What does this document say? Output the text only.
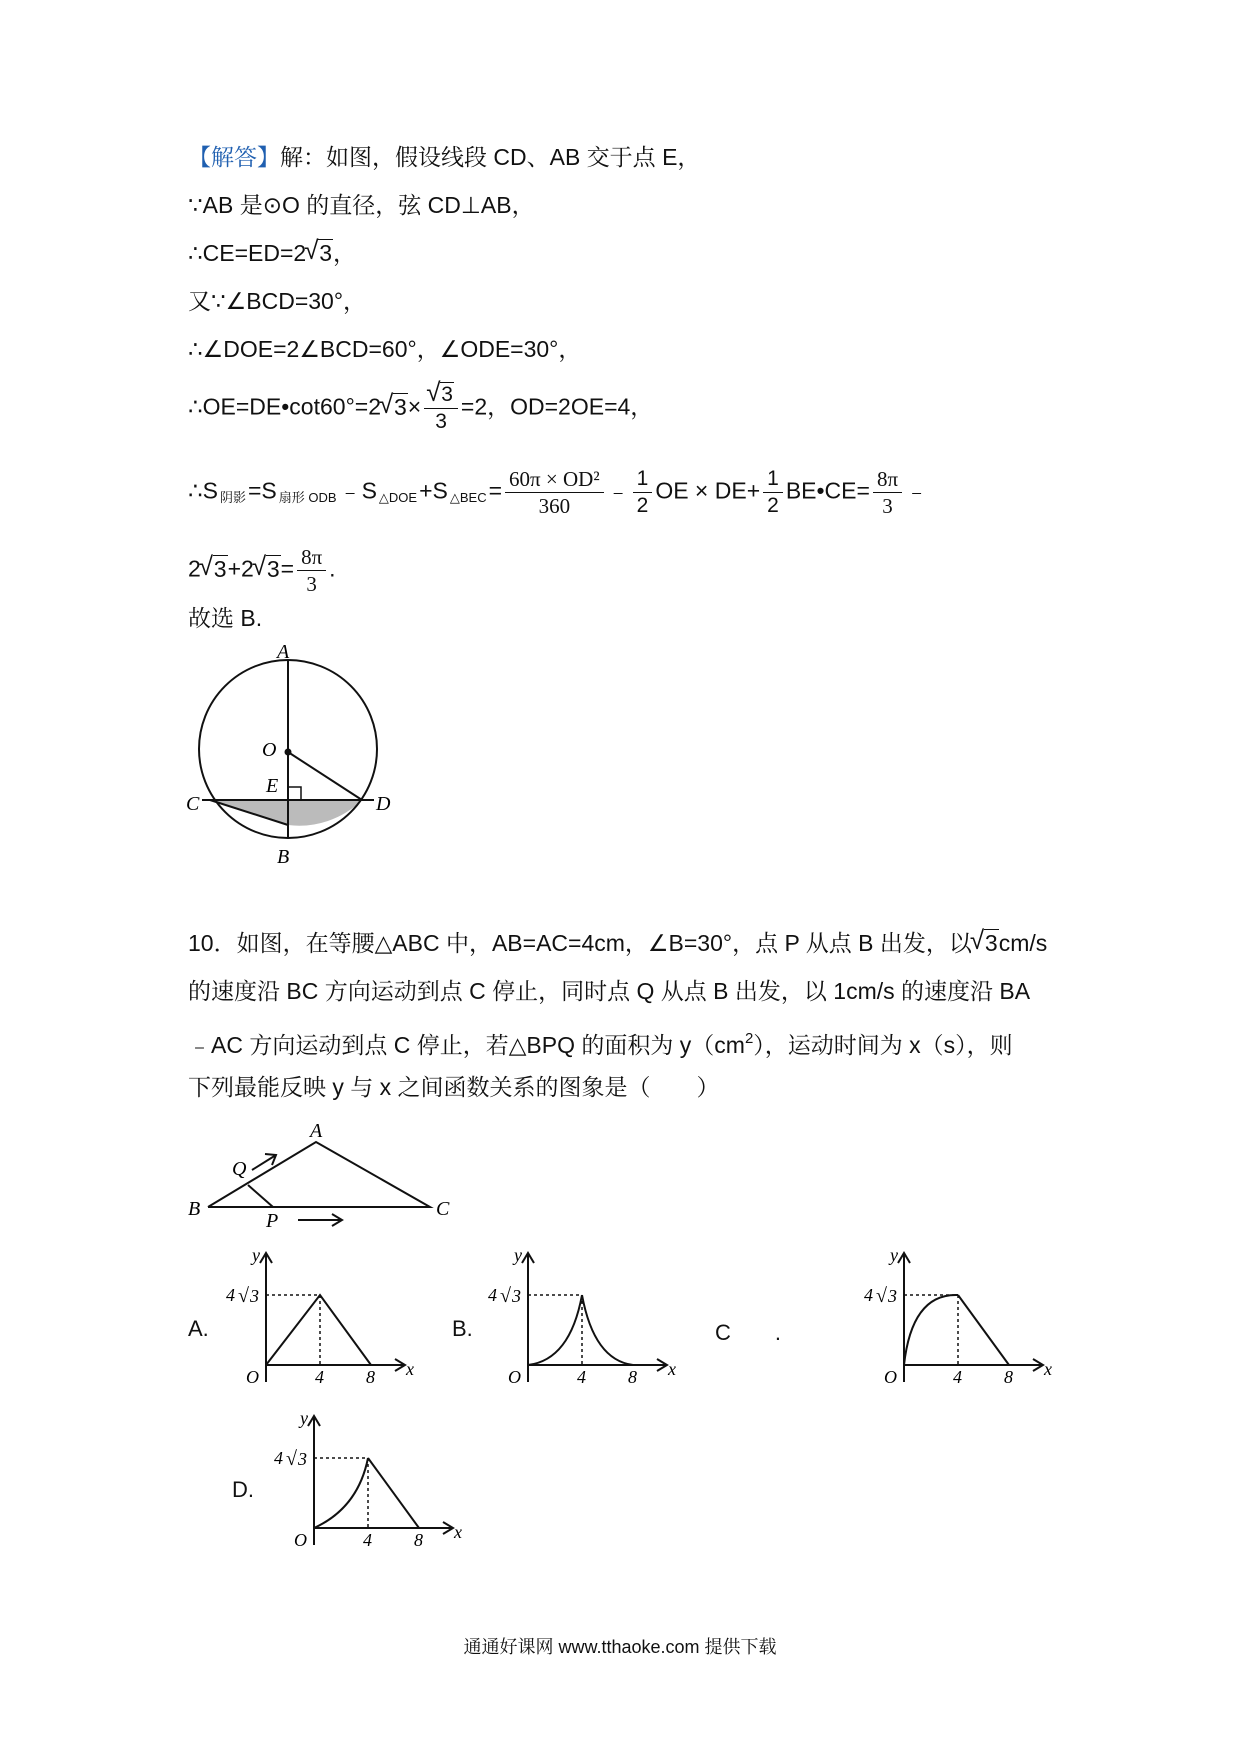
【解答】解：如图，假设线段 CD、AB 交于点 E，
∵AB 是⊙O 的直径，弦 CD⊥AB，
∴CE=ED=2 √ 3，
又∵∠BCD=30°，
∴∠DOE=2∠BCD=60°，∠ODE=30°，
∴OE=DE•cot60°=2 √ 3× √ $\frac{3}{3} =2$，OD=2OE=4，
∴S $_{阴影}$=S $_{扇形 ODB}$﹣S $_{\triangle DOE}$+S $_{\triangle BEC}= \frac{\text{60π × OD²}}{360}$ ﹣ $\frac{1}{2}$ OE × $DE+ \frac{1}{2}$ BE•CE= $\frac{8\pi}{3}$ ﹣
2 √ 3+2 √ $3= \frac{8\pi}{3}$ .
故选 B.
A
O
E
C	D
B
10．如图，在等腰△ABC 中，AB=AC=4cm，∠B=30°，点 P 从点 B 出发，以 √ 3cm/s
的速度沿 BC 方向运动到点 C 停止，同时点 Q 从点 B 出发，以 1cm/s 的速度沿 BA
﹣AC 方向运动到点 C 停止，若△BPQ 的面积为 $y(cm^2)$，运动时间为 x（s），则
下列最能反映 y 与 x 之间函数关系的图象是（　　）
A
Q
B
P
C
A.	B.	C　　.
D.
y
4 √ 3
O	4 8 x
y
4 √ 3
O	4 8 x
y
4 √ 3
O	4 8 x
y
4 √ 3
O	4 8 x
通通好课网 www.tthaoke.com 提供下载
